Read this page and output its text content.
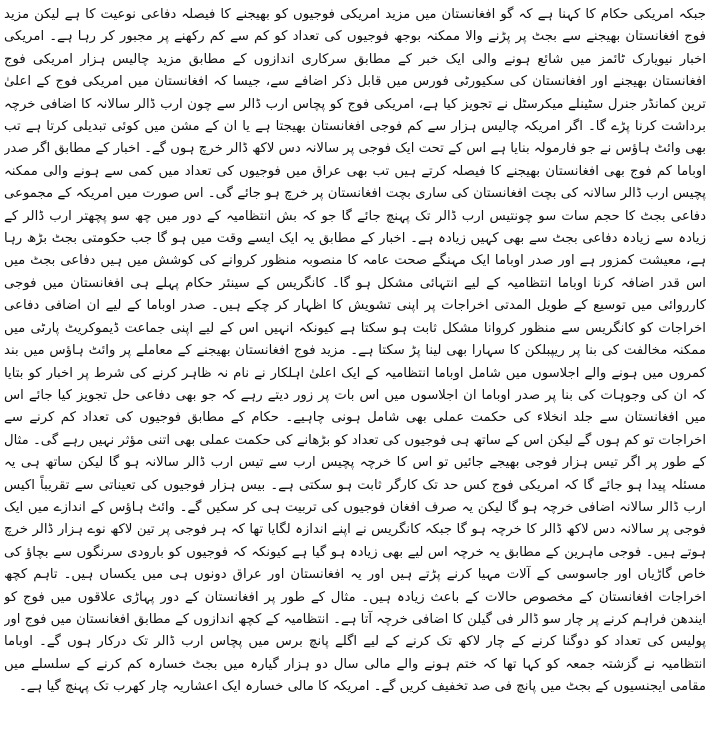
جبکہ امریکی حکام کا کہنا ہے کہ گو افغانستان میں مزید امریکی فوجیوں کو بھیجنے کا فیصلہ دفاعی نوعیت کا ہے لیکن مزید فوج افغانستان بھیجنے سے بجٹ پر پڑنے والا ممکنہ بوجھ فوجیوں کی تعداد کو کم سے کم رکھنے پر مجبور کر رہا ہے۔ امریکی اخبار نیویارک ٹائمز میں شائع ہونے والی ایک خبر کے مطابق سرکاری اندازوں کے مطابق مزید چالیس ہزار امریکی فوج افغانستان بھیجنے اور افغانستان کی سکیورٹی فورس میں قابل ذکر اضافے سے، جیسا کہ افغانستان میں امریکی فوج کے اعلیٰ ترین کمانڈر جنرل سٹینلے میکرسٹل نے تجویز کیا ہے، امریکی فوج کو پچاس ارب ڈالر سے چون ارب ڈالر سالانہ کا اضافی خرچہ برداشت کرنا پڑے گا۔ اگر امریکہ چالیس ہزار سے کم فوجی افغانستان بھیجتا ہے یا ان کے مشن میں کوئی تبدیلی کرتا ہے تب بھی وائٹ ہاؤس نے جو فارمولہ بنایا ہے اس کے تحت ایک فوجی پر سالانہ دس لاکھ ڈالر خرچ ہوں گے۔ اخبار کے مطابق اگر صدر اوباما کم فوج بھی افغانستان بھیجنے کا فیصلہ کرتے ہیں تب بھی عراق میں فوجیوں کی تعداد میں کمی سے ہونے والی ممکنہ پچیس ارب ڈالر سالانہ کی بچت افغانستان کی ساری بچت افغانستان پر خرچ ہو جائے گی۔ اس صورت میں امریکہ کے مجموعی دفاعی بجٹ کا حجم سات سو چونتیس ارب ڈالر تک پہنچ جائے گا جو کہ بش انتظامیہ کے دور میں چھ سو پچھتر ارب ڈالر کے زیادہ سے زیادہ دفاعی بجٹ سے بھی کہیں زیادہ ہے۔ اخبار کے مطابق یہ ایک ایسے وقت میں ہو گا جب حکومتی بجٹ بڑھ رہا ہے، معیشت کمزور ہے اور صدر اوباما ایک مہنگے صحت عامہ کا منصوبہ منظور کروانے کی کوشش میں ہیں دفاعی بجٹ میں اس قدر اضافہ کرنا اوباما انتظامیہ کے لیے انتہائی مشکل ہو گا۔ کانگریس کے سینئر حکام پہلے ہی افغانستان میں فوجی کارروائی میں توسیع کے طویل المدتی اخراجات پر اپنی تشویش کا اظہار کر چکے ہیں۔ صدر اوباما کے لیے ان اضافی دفاعی اخراجات کو کانگریس سے منظور کروانا مشکل ثابت ہو سکتا ہے کیونکہ انہیں اس کے لیے اپنی جماعت ڈیموکریٹ پارٹی میں ممکنہ مخالفت کی بنا پر ریپبلکن کا سہارا بھی لینا پڑ سکتا ہے۔ مزید فوج افغانستان بھیجنے کے معاملے پر وائٹ ہاؤس میں بند کمروں میں ہونے والے اجلاسوں میں شامل اوباما انتظامیہ کے ایک اعلیٰ اہلکار نے نام نہ ظاہر کرنے کی شرط پر اخبار کو بتایا کہ ان کی وجوہات کی بنا پر صدر اوباما ان اجلاسوں میں اس بات پر زور دیتے رہے کہ جو بھی دفاعی حل تجویز کیا جائے اس میں افغانستان سے جلد انخلاء کی حکمت عملی بھی شامل ہونی چاہیے۔ حکام کے مطابق فوجیوں کی تعداد کم کرنے سے اخراجات تو کم ہوں گے لیکن اس کے ساتھ ہی فوجیوں کی تعداد کو بڑھانے کی حکمت عملی بھی اتنی مؤثر نہیں رہے گی۔ مثال کے طور پر اگر تیس ہزار فوجی بھیجے جائیں تو اس کا خرچہ پچیس ارب سے تیس ارب ڈالر سالانہ ہو گا لیکن ساتھ ہی یہ مسئلہ پیدا ہو جائے گا کہ امریکی فوج کس حد تک کارگر ثابت ہو سکتی ہے۔ بیس ہزار فوجیوں کی تعیناتی سے تقریباً اکیس ارب ڈالر سالانہ اضافی خرچہ ہو گا لیکن یہ صرف افغان فوجیوں کی تربیت ہی کر سکیں گے۔ وائٹ ہاؤس کے اندازے میں ایک فوجی پر سالانہ دس لاکھ ڈالر کا خرچہ ہو گا جبکہ کانگریس نے اپنے اندازہ لگایا تھا کہ ہر فوجی پر تین لاکھ نوے ہزار ڈالر خرچ ہوتے ہیں۔ فوجی ماہرین کے مطابق یہ خرچہ اس لیے بھی زیادہ ہو گیا ہے کیونکہ کہ فوجیوں کو بارودی سرنگوں سے بچاؤ کی خاص گاڑیاں اور جاسوسی کے آلات مہیا کرنے پڑتے ہیں اور یہ افغانستان اور عراق دونوں ہی میں یکساں ہیں۔ تاہم کچھ اخراجات افغانستان کے مخصوص حالات کے باعث زیادہ ہیں۔ مثال کے طور پر افغانستان کے دور پہاڑی علاقوں میں فوج کو ایندھن فراہم کرنے پر چار سو ڈالر فی گیلن کا اضافی خرچہ آتا ہے۔ انتظامیہ کے کچھ اندازوں کے مطابق افغانستان میں فوج اور پولیس کی تعداد کو دوگنا کرنے کے چار لاکھ تک کرنے کے لیے اگلے پانچ برس میں پچاس ارب ڈالر تک درکار ہوں گے۔ اوباما انتظامیہ نے گزشتہ جمعہ کو کہا تھا کہ ختم ہونے والے مالی سال دو ہزار گیارہ میں بجٹ خسارہ کم کرنے کے سلسلے میں مقامی ایجنسیوں کے بجٹ میں پانچ فی صد تخفیف کریں گے۔ امریکہ کا مالی خسارہ ایک اعشاریہ چار کھرب تک پہنچ گیا ہے۔
